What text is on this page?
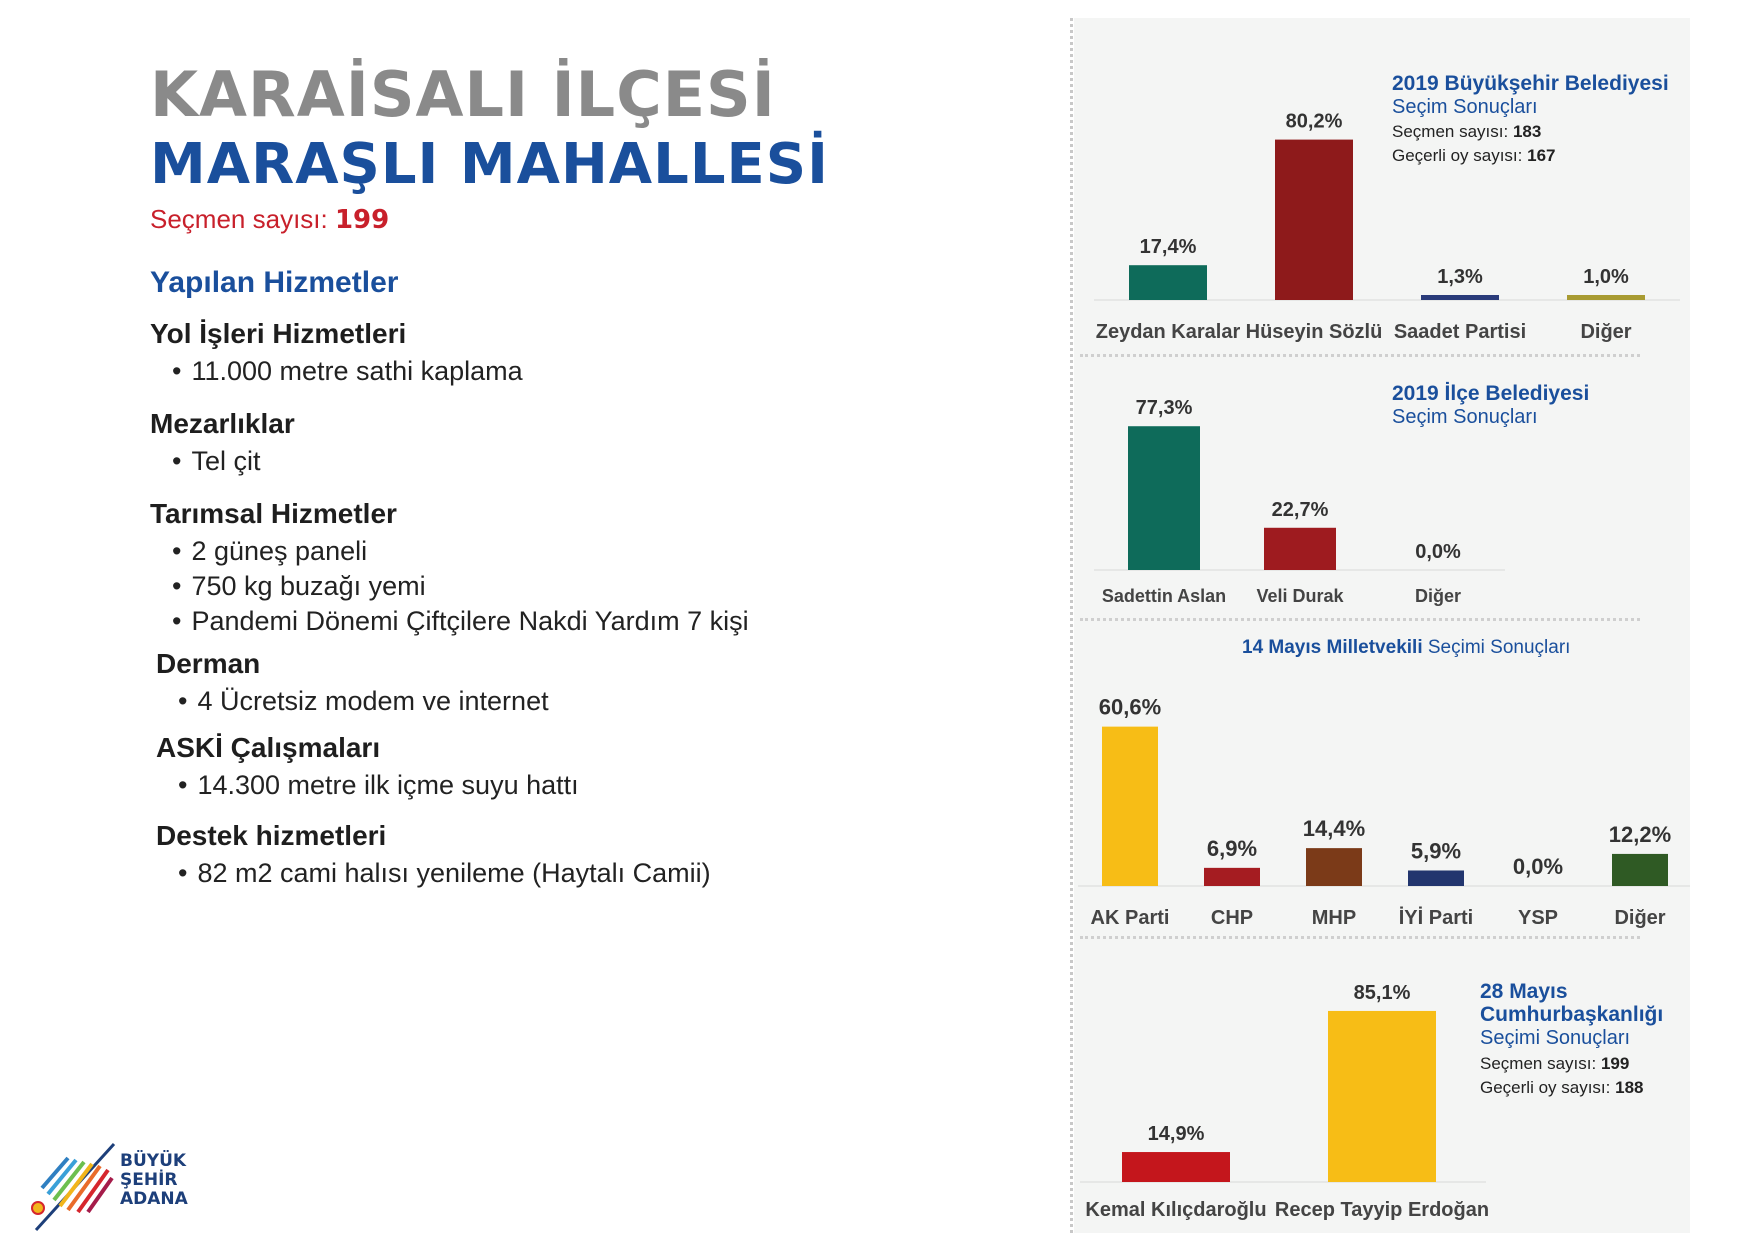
KARAİSALI İLÇESİ
MARAŞLI MAHALLESİ
Seçmen sayısı: 199
Yapılan Hizmetler
Yol İşleri Hizmetleri
• 11.000 metre sathi kaplama
Mezarlıklar
• Tel çit
Tarımsal Hizmetler
• 2 güneş paneli
• 750 kg buzağı yemi
• Pandemi Dönemi Çiftçilere Nakdi Yardım 7 kişi
Derman
• 4 Ücretsiz modem ve internet
ASKİ Çalışmaları
• 14.300 metre ilk içme suyu hattı
Destek hizmetleri
• 82 m2 cami halısı yenileme (Haytalı Camii)
BÜYÜK
ŞEHİR
ADANA
2019 Büyükşehir Belediyesi
Seçim Sonuçları
Seçmen sayısı: 183
Geçerli oy sayısı: 167
2019 İlçe Belediyesi
Seçim Sonuçları
14 Mayıs Milletvekili Seçimi Sonuçları
28 Mayıs
Cumhurbaşkanlığı
Seçimi Sonuçları
Seçmen sayısı: 199
Geçerli oy sayısı: 188
17,4%
Zeydan Karalar
80,2%
Hüseyin Sözlü
1,3%
Saadet Partisi
1,0%
Diğer
77,3%
Sadettin Aslan
22,7%
Veli Durak
0,0%
Diğer
60,6%
AK Parti
6,9%
CHP
14,4%
MHP
5,9%
İYİ Parti
0,0%
YSP
12,2%
Diğer
14,9%
Kemal Kılıçdaroğlu
85,1%
Recep Tayyip Erdoğan
